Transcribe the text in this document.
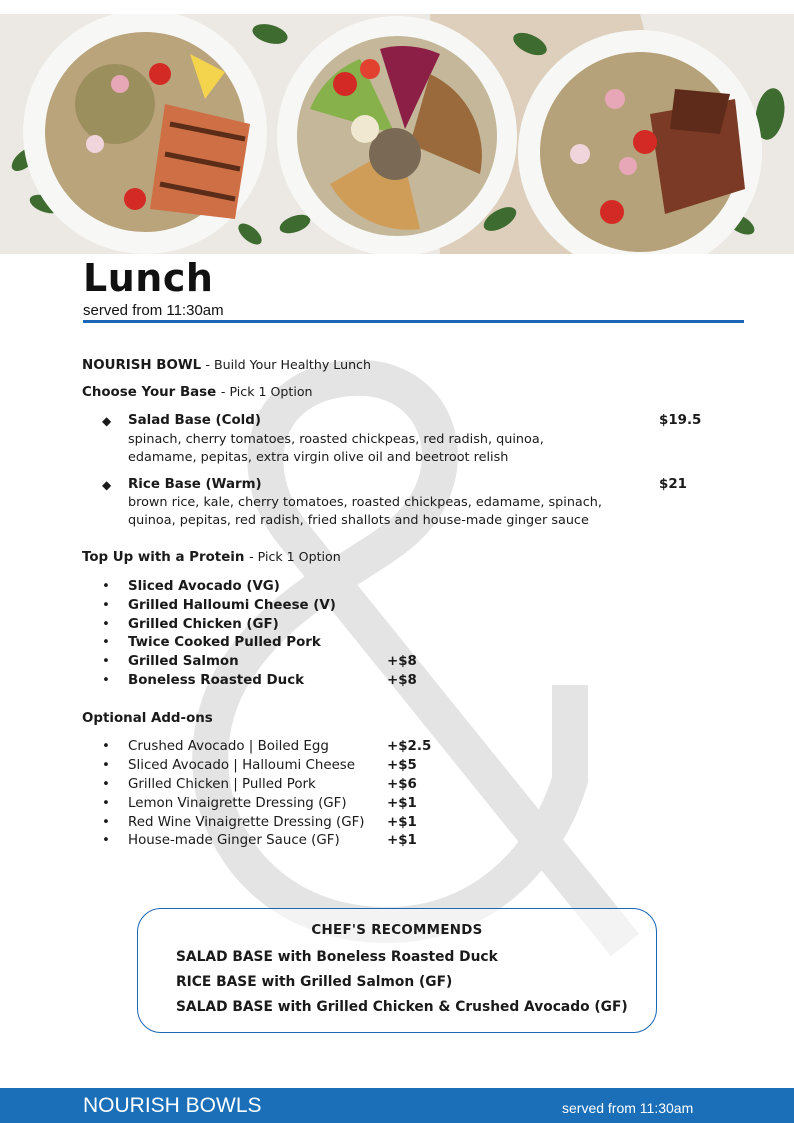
Lunch
served from 11:30am
NOURISH BOWL - Build Your Healthy Lunch
Choose Your Base - Pick 1 Option
◆ Salad Base (Cold)
spinach, cherry tomatoes, roasted chickpeas, red radish, quinoa,
edamame, pepitas, extra virgin olive oil and beetroot relish
$19.5
◆ Rice Base (Warm)
brown rice, kale, cherry tomatoes, roasted chickpeas, edamame, spinach,
quinoa, pepitas, red radish, fried shallots and house-made ginger sauce
$21
Top Up with a Protein - Pick 1 Option
• Sliced Avocado (VG)
• Grilled Halloumi Cheese (V)
• Grilled Chicken (GF)
• Twice Cooked Pulled Pork
• Grilled Salmon	+$8
• Boneless Roasted Duck	+$8
Optional Add-ons
• Crushed Avocado | Boiled Egg	+$2.5
• Sliced Avocado | Halloumi Cheese +$5
• Grilled Chicken | Pulled Pork	+$6
• Lemon Vinaigrette Dressing (GF)	+$1
• Red Wine Vinaigrette Dressing (GF) +$1
• House-made Ginger Sauce (GF)	+$1
CHEF'S RECOMMENDS
SALAD BASE with Boneless Roasted Duck
RICE BASE with Grilled Salmon (GF)
SALAD BASE with Grilled Chicken & Crushed Avocado (GF)
NOURISH BOWLS	served from 11:30am
